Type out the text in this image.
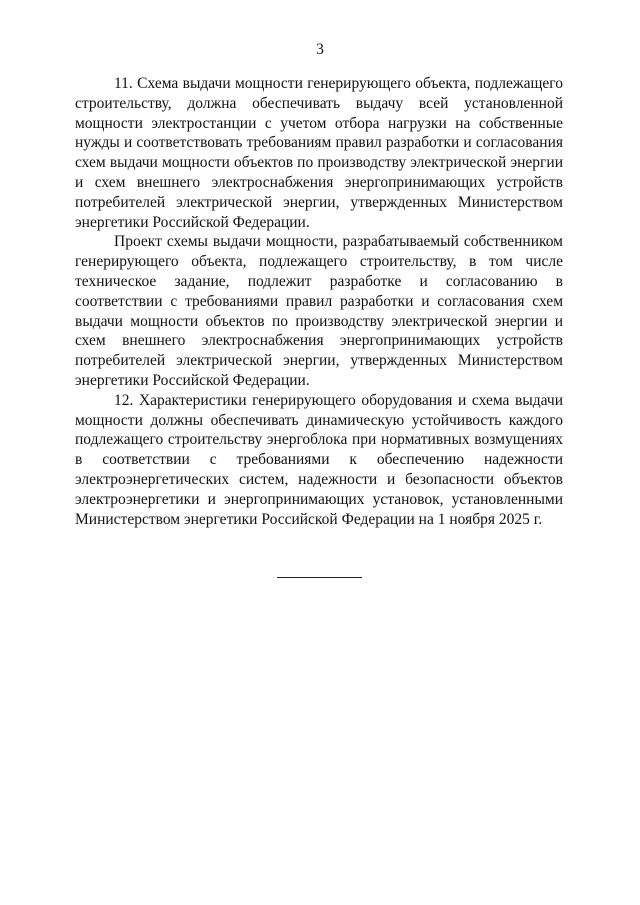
3

11. Схема выдачи мощности генерирующего объекта, подлежащего строительству, должна обеспечивать выдачу всей установленной мощности электростанции с учетом отбора нагрузки на собственные нужды и соответствовать требованиям правил разработки и согласования схем выдачи мощности объектов по производству электрической энергии и схем внешнего электроснабжения энергопринимающих устройств потребителей электрической энергии, утвержденных Министерством энергетики Российской Федерации.

Проект схемы выдачи мощности, разрабатываемый собственником генерирующего объекта, подлежащего строительству, в том числе техническое задание, подлежит разработке и согласованию в соответствии с требованиями правил разработки и согласования схем выдачи мощности объектов по производству электрической энергии и схем внешнего электроснабжения энергопринимающих устройств потребителей электрической энергии, утвержденных Министерством энергетики Российской Федерации.

12. Характеристики генерирующего оборудования и схема выдачи мощности должны обеспечивать динамическую устойчивость каждого подлежащего строительству энергоблока при нормативных возмущениях в соответствии с требованиями к обеспечению надежности электроэнергетических систем, надежности и безопасности объектов электроэнергетики и энергопринимающих установок, установленными Министерством энергетики Российской Федерации на 1 ноября 2025 г.
